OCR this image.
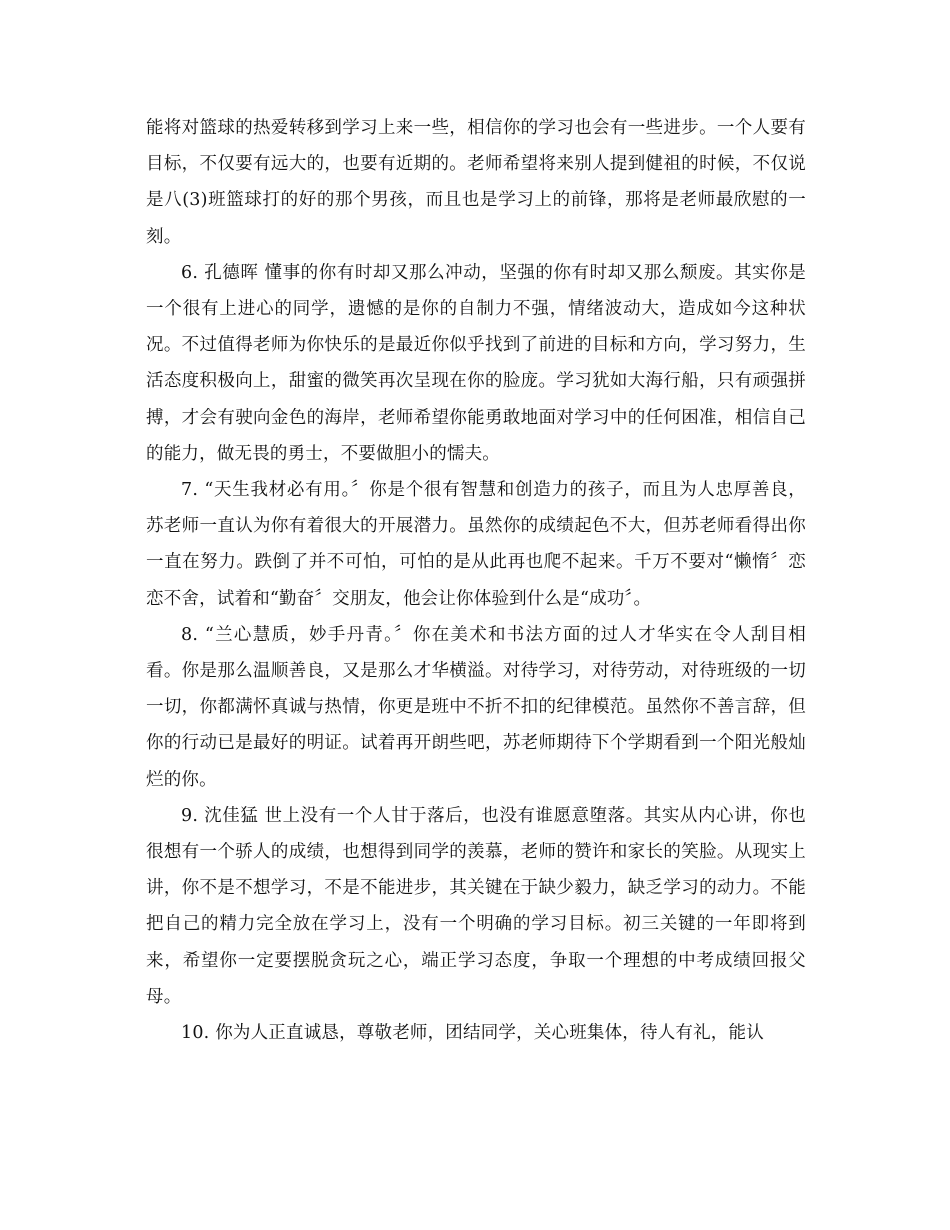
能将对篮球的热爱转移到学习上来一些，相信你的学习也会有一些进步。一个人要有目标，不仅要有远大的，也要有近期的。老师希望将来别人提到健祖的时候，不仅说是八(3)班篮球打的好的那个男孩，而且也是学习上的前锋，那将是老师最欣慰的一刻。

6. 孔德晖 懂事的你有时却又那么冲动，坚强的你有时却又那么颓废。其实你是一个很有上进心的同学，遗憾的是你的自制力不强，情绪波动大，造成如今这种状况。不过值得老师为你快乐的是最近你似乎找到了前进的目标和方向，学习努力，生活态度积极向上，甜蜜的微笑再次呈现在你的脸庞。学习犹如大海行船，只有顽强拼搏，才会有驶向金色的海岸，老师希望你能勇敢地面对学习中的任何困准，相信自己的能力，做无畏的勇士，不要做胆小的懦夫。

7. “天生我材必有用。〞你是个很有智慧和创造力的孩子，而且为人忠厚善良，苏老师一直认为你有着很大的开展潜力。虽然你的成绩起色不大，但苏老师看得出你一直在努力。跌倒了并不可怕，可怕的是从此再也爬不起来。千万不要对“懒惰〞恋恋不舍，试着和“勤奋〞交朋友，他会让你体验到什么是“成功〞。

8. “兰心慧质，妙手丹青。〞你在美术和书法方面的过人才华实在令人刮目相看。你是那么温顺善良，又是那么才华横溢。对待学习，对待劳动，对待班级的一切一切，你都满怀真诚与热情，你更是班中不折不扣的纪律模范。虽然你不善言辞，但你的行动已是最好的明证。试着再开朗些吧，苏老师期待下个学期看到一个阳光般灿烂的你。

9. 沈佳猛 世上没有一个人甘于落后，也没有谁愿意堕落。其实从内心讲，你也很想有一个骄人的成绩，也想得到同学的羡慕，老师的赞许和家长的笑脸。从现实上讲，你不是不想学习，不是不能进步，其关键在于缺少毅力，缺乏学习的动力。不能把自己的精力完全放在学习上，没有一个明确的学习目标。初三关键的一年即将到来，希望你一定要摆脱贪玩之心，端正学习态度，争取一个理想的中考成绩回报父母。

10. 你为人正直诚恳，尊敬老师，团结同学，关心班集体，待人有礼，能认
